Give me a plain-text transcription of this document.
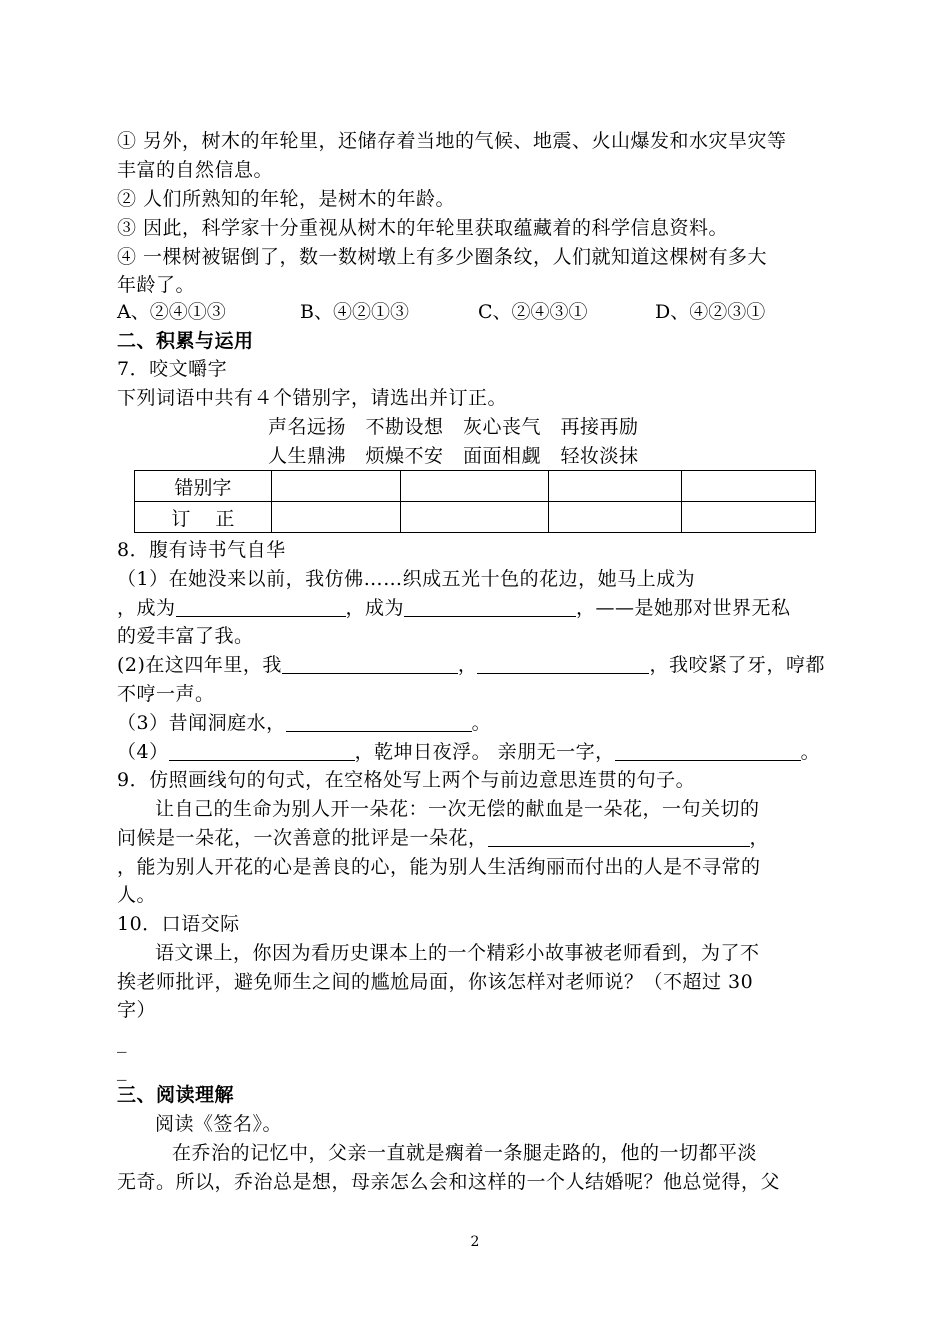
① 另外，树木的年轮里，还储存着当地的气候、地震、火山爆发和水灾旱灾等
丰富的自然信息。
② 人们所熟知的年轮，是树木的年龄。
③ 因此，科学家十分重视从树木的年轮里获取蕴藏着的科学信息资料。
④ 一棵树被锯倒了，数一数树墩上有多少圈条纹，人们就知道这棵树有多大
年龄了。
A、②④①③	B、④②①③	C、②④③①	D、④②③①
二、积累与运用
7．咬文嚼字
下列词语中共有４个错别字，请选出并订正。
声名远扬　不勘设想　灰心丧气　再接再励
人生鼎沸　烦燥不安　面面相觑　轻妆淡抹
错别字				
订　 正				
8．腹有诗书气自华
（1）在她没来以前，我仿佛……织成五光十色的花边，她马上成为
，成为	，成为	，——是她那对世界无私
的爱丰富了我。
(2)在这四年里，我	，	，我咬紧了牙，哼都
不哼一声。
（3）昔闻洞庭水，	。
（4）	，乾坤日夜浮。 亲朋无一字，	。
9．仿照画线句的句式，在空格处写上两个与前边意思连贯的句子。
让自己的生命为别人开一朵花：一次无偿的献血是一朵花，一句关切的
问候是一朵花，一次善意的批评是一朵花，	，
，能为别人开花的心是善良的心，能为别人生活绚丽而付出的人是不寻常的
人。
10．口语交际
语文课上，你因为看历史课本上的一个精彩小故事被老师看到，为了不
挨老师批评，避免师生之间的尴尬局面，你该怎样对老师说？（不超过 30
字）
_
_
三、阅读理解
阅读《签名》。
在乔治的记忆中，父亲一直就是瘸着一条腿走路的，他的一切都平淡
无奇。所以，乔治总是想，母亲怎么会和这样的一个人结婚呢？他总觉得，父
2
